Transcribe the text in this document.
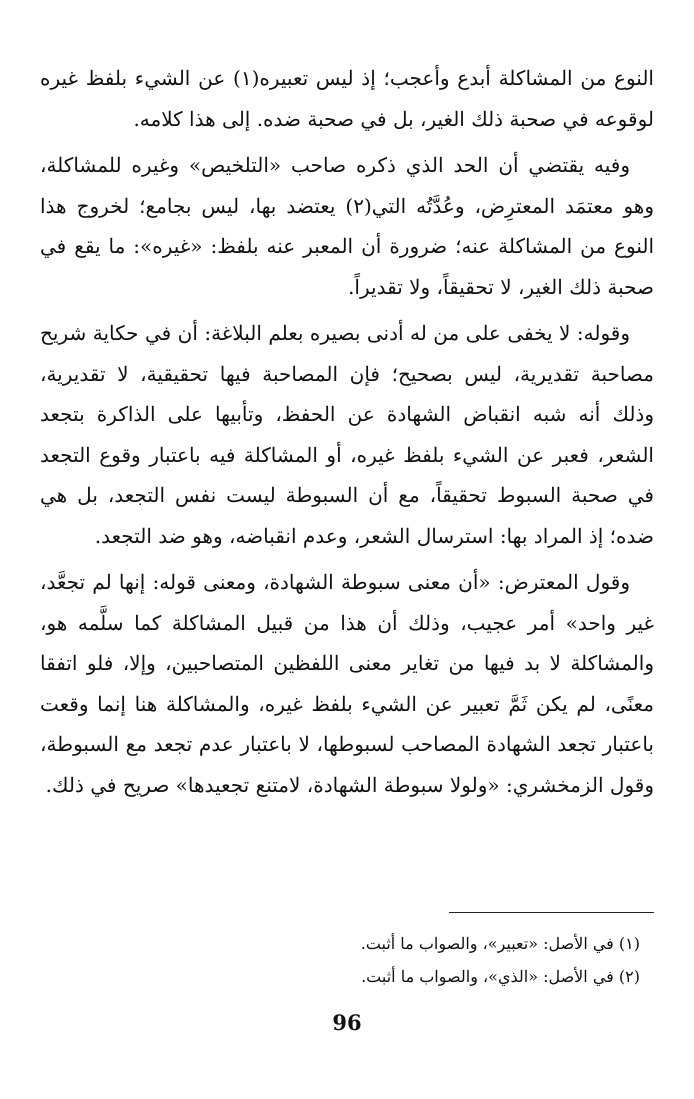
النوع من المشاكلة أبدع وأعجب؛ إذ ليس تعبيره(١) عن الشيء بلفظ غيره لوقوعه في صحبة ذلك الغير، بل في صحبة ضده. إلى هذا كلامه.

وفيه يقتضي أن الحد الذي ذكره صاحب «التلخيص» وغيره للمشاكلة، وهو معتمَد المعترِض، وعُدَّتُه التي(٢) يعتضد بها، ليس بجامع؛ لخروج هذا النوع من المشاكلة عنه؛ ضرورة أن المعبر عنه بلفظ: «غيره»: ما يقع في صحبة ذلك الغير، لا تحقيقاً، ولا تقديراً.

وقوله: لا يخفى على من له أدنى بصيره بعلم البلاغة: أن في حكاية شريح مصاحبة تقديرية، ليس بصحيح؛ فإن المصاحبة فيها تحقيقية، لا تقديرية، وذلك أنه شبه انقباض الشهادة عن الحفظ، وتأبيها على الذاكرة بتجعد الشعر، فعبر عن الشيء بلفظ غيره، أو المشاكلة فيه باعتبار وقوع التجعد في صحبة السبوط تحقيقاً، مع أن السبوطة ليست نفس التجعد، بل هي ضده؛ إذ المراد بها: استرسال الشعر، وعدم انقباضه، وهو ضد التجعد.

وقول المعترض: «أن معنى سبوطة الشهادة، ومعنى قوله: إنها لم تجعَّد، غير واحد» أمر عجيب، وذلك أن هذا من قبيل المشاكلة كما سلَّمه هو، والمشاكلة لا بد فيها من تغاير معنى اللفظين المتصاحبين، وإلا، فلو اتفقا معنًى، لم يكن ثَمَّ تعبير عن الشيء بلفظ غيره، والمشاكلة هنا إنما وقعت باعتبار تجعد الشهادة المصاحب لسبوطها، لا باعتبار عدم تجعد مع السبوطة، وقول الزمخشري: «ولولا سبوطة الشهادة، لامتنع تجعيدها» صريح في ذلك.

(١) في الأصل: «تعبير»، والصواب ما أثبت.

(٢) في الأصل: «الذي»، والصواب ما أثبت.

96
